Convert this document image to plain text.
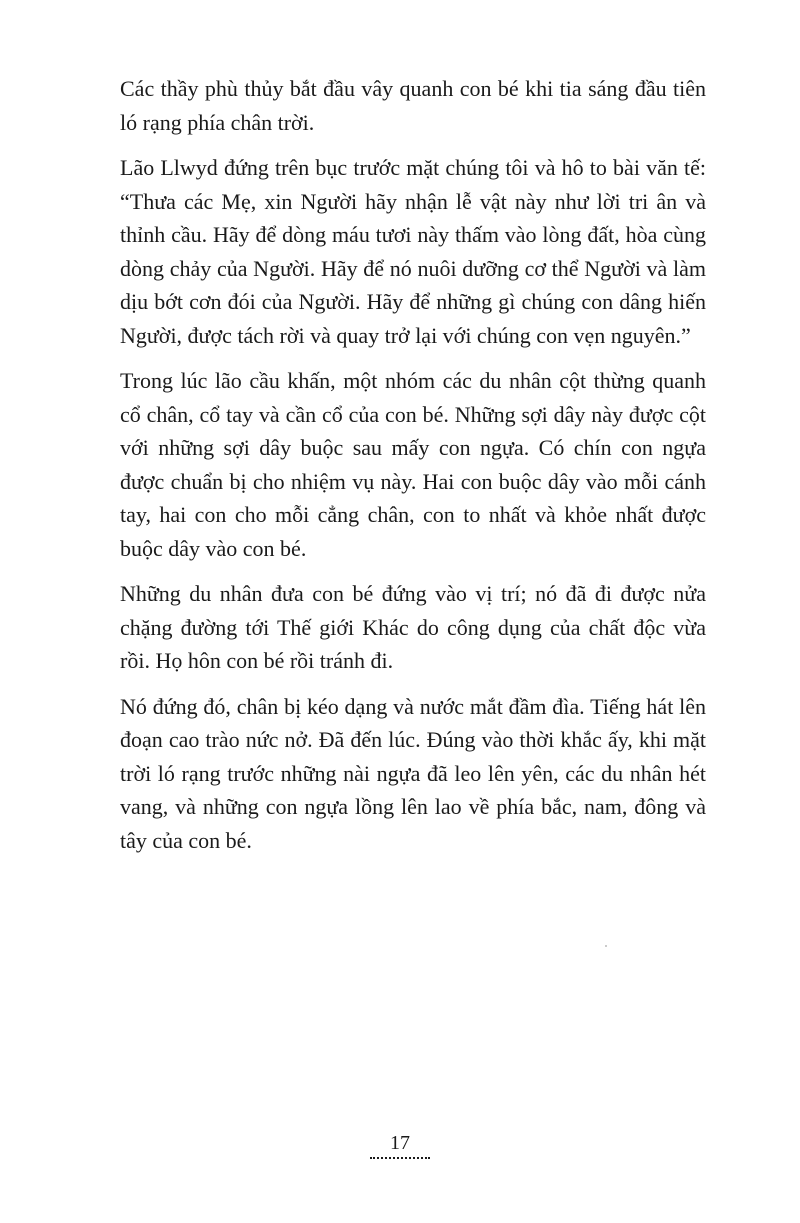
Các thầy phù thủy bắt đầu vây quanh con bé khi tia sáng đầu tiên ló rạng phía chân trời.

Lão Llwyd đứng trên bục trước mặt chúng tôi và hô to bài văn tế: “Thưa các Mẹ, xin Người hãy nhận lễ vật này như lời tri ân và thỉnh cầu. Hãy để dòng máu tươi này thấm vào lòng đất, hòa cùng dòng chảy của Người. Hãy để nó nuôi dưỡng cơ thể Người và làm dịu bớt cơn đói của Người. Hãy để những gì chúng con dâng hiến Người, được tách rời và quay trở lại với chúng con vẹn nguyên.”

Trong lúc lão cầu khấn, một nhóm các du nhân cột thừng quanh cổ chân, cổ tay và cần cổ của con bé. Những sợi dây này được cột với những sợi dây buộc sau mấy con ngựa. Có chín con ngựa được chuẩn bị cho nhiệm vụ này. Hai con buộc dây vào mỗi cánh tay, hai con cho mỗi cẳng chân, con to nhất và khỏe nhất được buộc dây vào con bé.

Những du nhân đưa con bé đứng vào vị trí; nó đã đi được nửa chặng đường tới Thế giới Khác do công dụng của chất độc vừa rồi. Họ hôn con bé rồi tránh đi.

Nó đứng đó, chân bị kéo dạng và nước mắt đầm đìa. Tiếng hát lên đoạn cao trào nức nở. Đã đến lúc. Đúng vào thời khắc ấy, khi mặt trời ló rạng trước những nài ngựa đã leo lên yên, các du nhân hét vang, và những con ngựa lồng lên lao về phía bắc, nam, đông và tây của con bé.

17
